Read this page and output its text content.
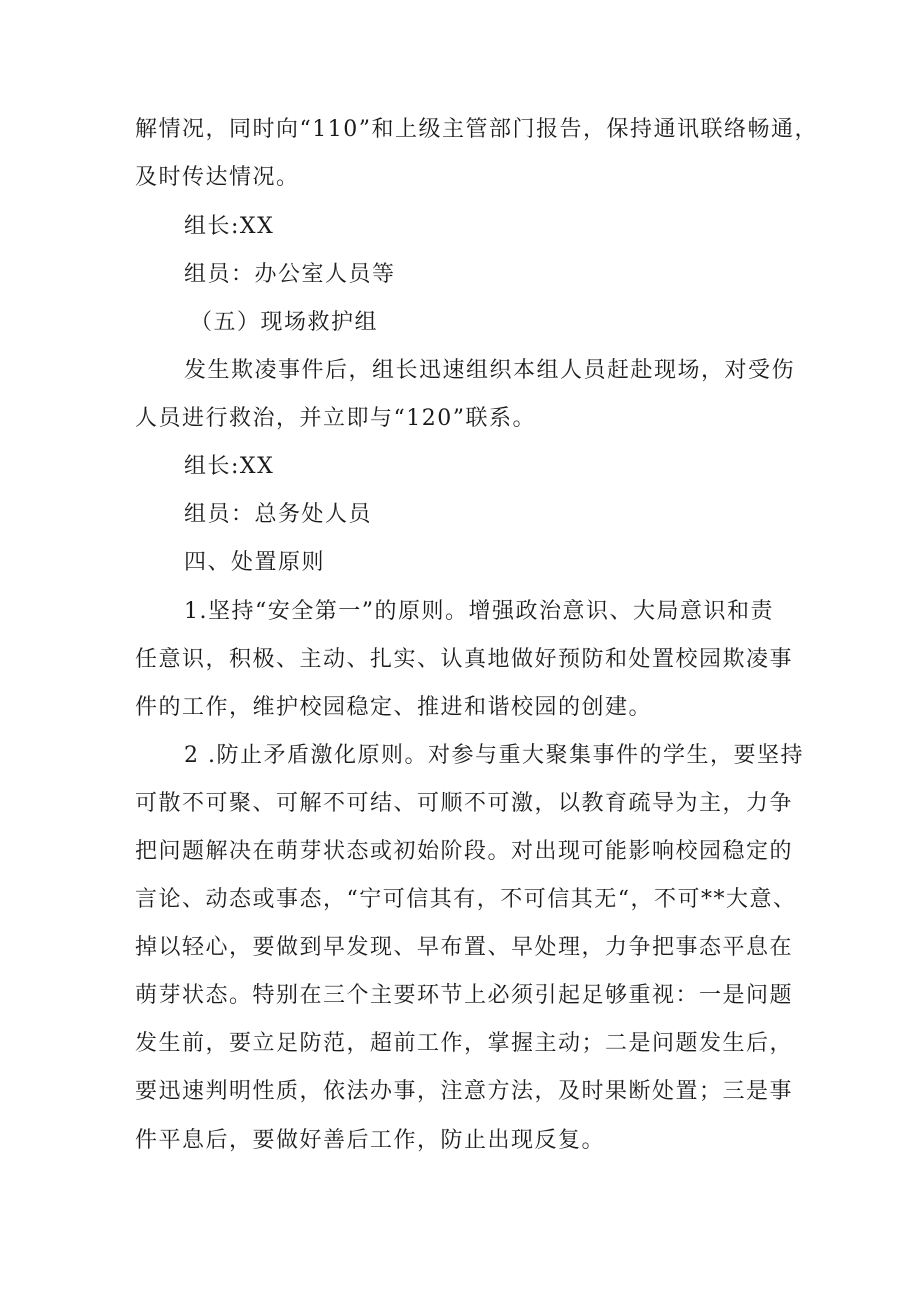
解情况，同时向“110”和上级主管部门报告，保持通讯联络畅通，
及时传达情况。
组长:XX
组员：办公室人员等
（五）现场救护组
发生欺凌事件后，组长迅速组织本组人员赶赴现场，对受伤
人员进行救治，并立即与“120”联系。
组长:XX
组员：总务处人员
四、处置原则
1.坚持“安全第一”的原则。增强政治意识、大局意识和责
任意识，积极、主动、扎实、认真地做好预防和处置校园欺凌事
件的工作，维护校园稳定、推进和谐校园的创建。
2 .防止矛盾激化原则。对参与重大聚集事件的学生，要坚持
可散不可聚、可解不可结、可顺不可激，以教育疏导为主，力争
把问题解决在萌芽状态或初始阶段。对出现可能影响校园稳定的
言论、动态或事态，“宁可信其有，不可信其无“，不可**大意、
掉以轻心，要做到早发现、早布置、早处理，力争把事态平息在
萌芽状态。特别在三个主要环节上必须引起足够重视：一是问题
发生前，要立足防范，超前工作，掌握主动；二是问题发生后，
要迅速判明性质，依法办事，注意方法，及时果断处置；三是事
件平息后，要做好善后工作，防止出现反复。
